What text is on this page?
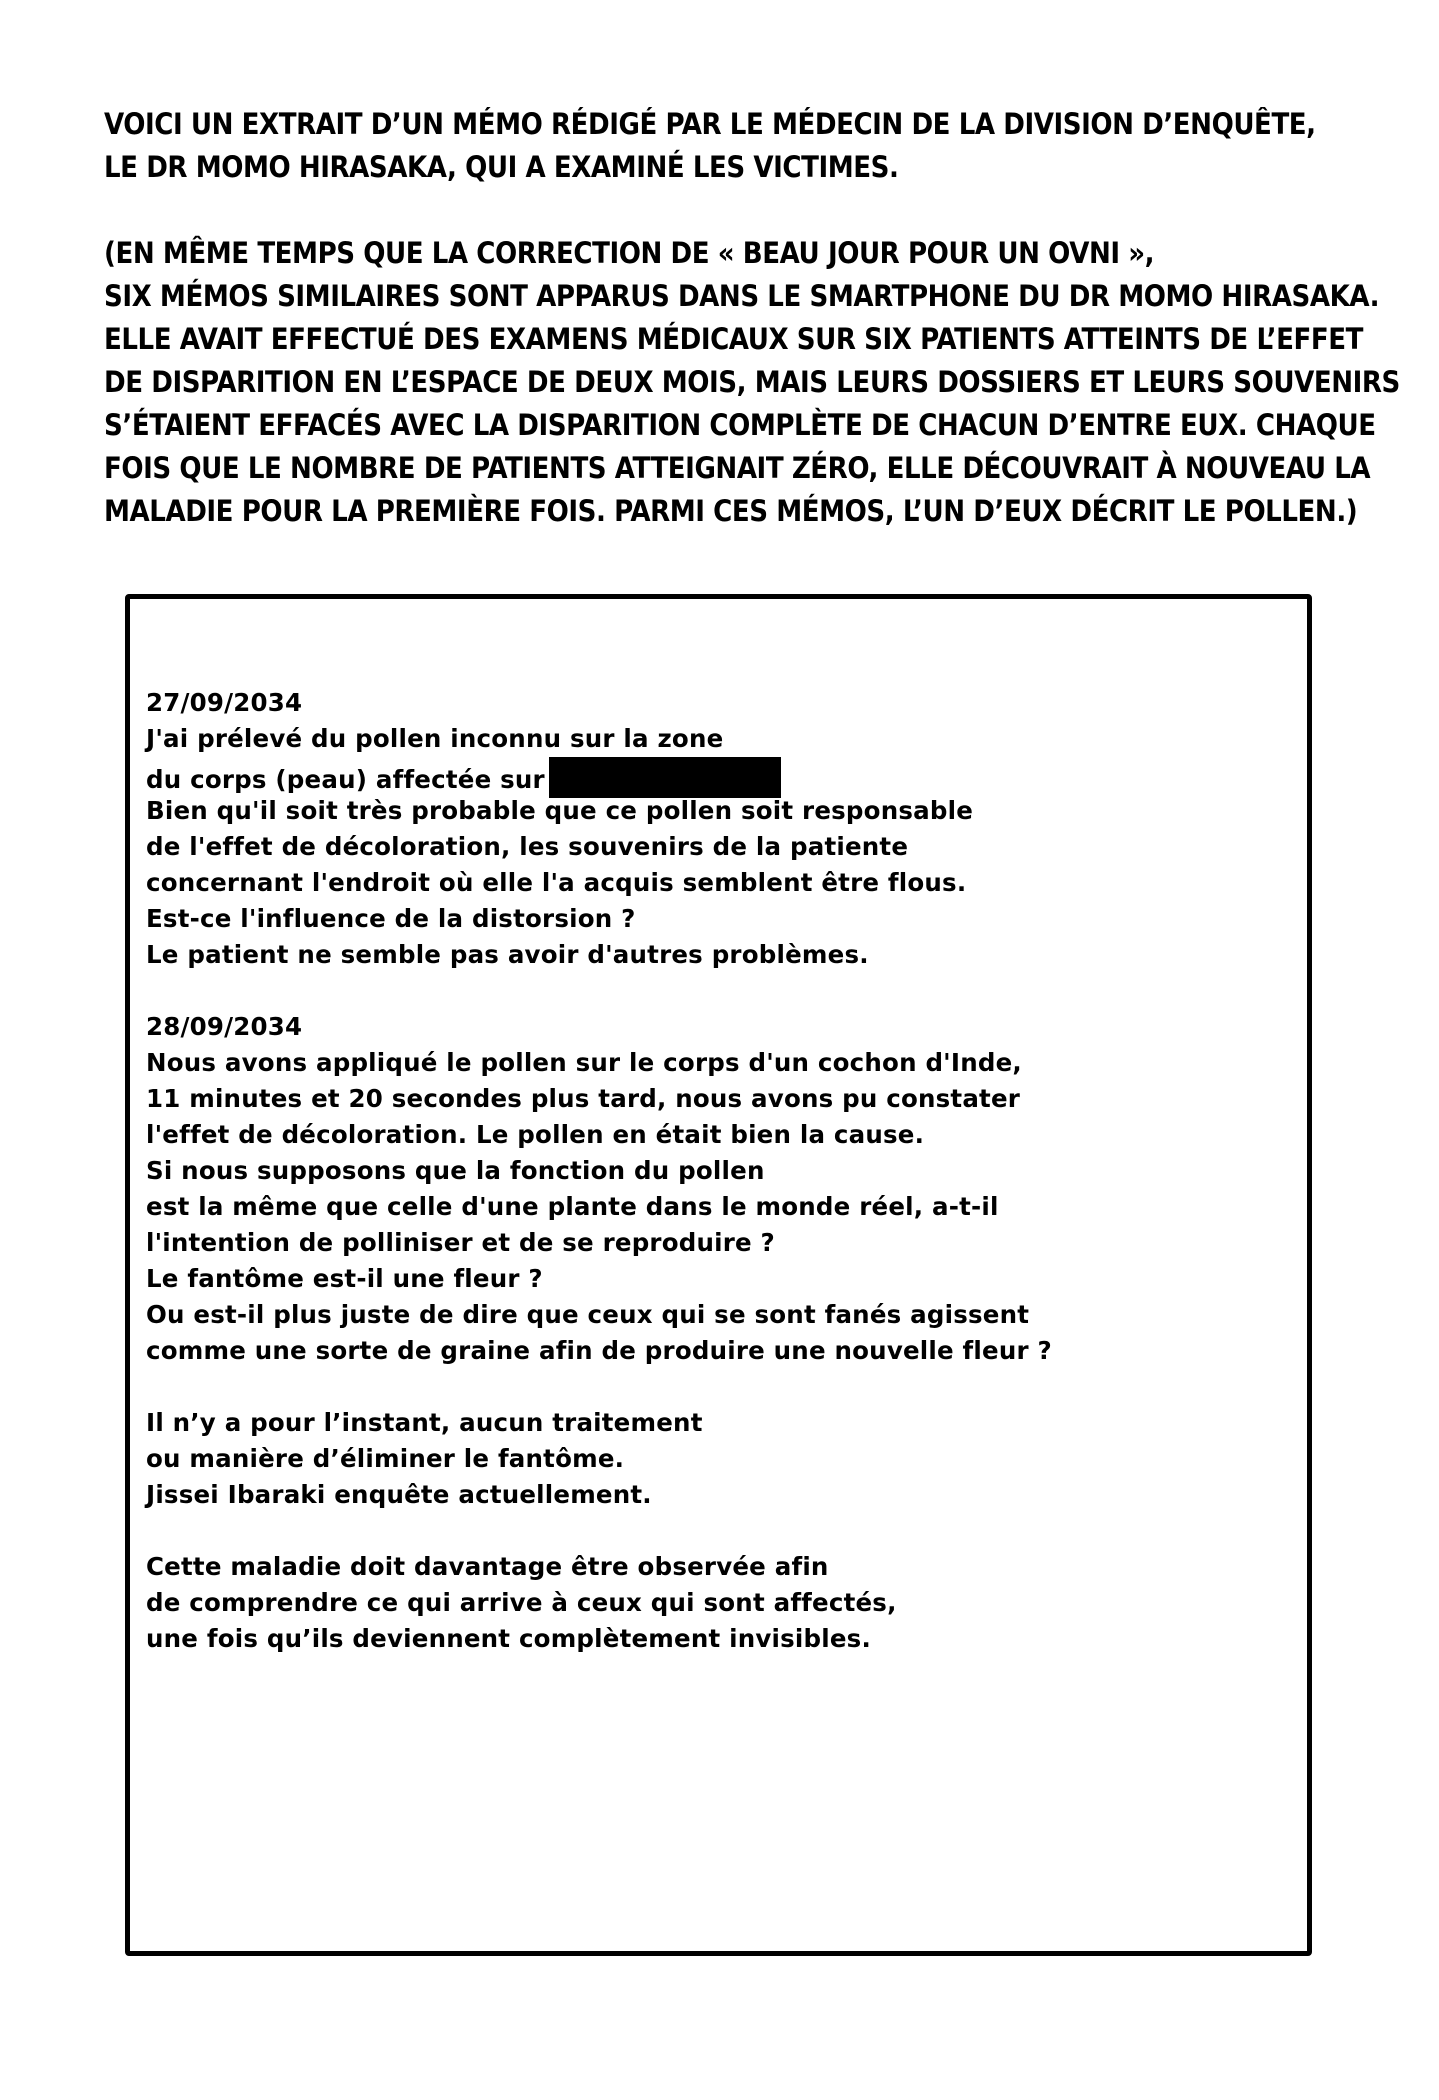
VOICI UN EXTRAIT D’UN MÉMO RÉDIGÉ PAR LE MÉDECIN DE LA DIVISION D’ENQUÊTE,
LE DR MOMO HIRASAKA, QUI A EXAMINÉ LES VICTIMES.
(EN MÊME TEMPS QUE LA CORRECTION DE « BEAU JOUR POUR UN OVNI »,
SIX MÉMOS SIMILAIRES SONT APPARUS DANS LE SMARTPHONE DU DR MOMO HIRASAKA.
ELLE AVAIT EFFECTUÉ DES EXAMENS MÉDICAUX SUR SIX PATIENTS ATTEINTS DE L’EFFET
DE DISPARITION EN L’ESPACE DE DEUX MOIS, MAIS LEURS DOSSIERS ET LEURS SOUVENIRS
S’ÉTAIENT EFFACÉS AVEC LA DISPARITION COMPLÈTE DE CHACUN D’ENTRE EUX. CHAQUE
FOIS QUE LE NOMBRE DE PATIENTS ATTEIGNAIT ZÉRO, ELLE DÉCOUVRAIT À NOUVEAU LA
MALADIE POUR LA PREMIÈRE FOIS. PARMI CES MÉMOS, L’UN D’EUX DÉCRIT LE POLLEN.)
27/09/2034
J'ai prélevé du pollen inconnu sur la zone
du corps (peau) affectée sur
Bien qu'il soit très probable que ce pollen soit responsable
de l'effet de décoloration, les souvenirs de la patiente
concernant l'endroit où elle l'a acquis semblent être flous.
Est-ce l'influence de la distorsion ?
Le patient ne semble pas avoir d'autres problèmes.
28/09/2034
Nous avons appliqué le pollen sur le corps d'un cochon d'Inde,
11 minutes et 20 secondes plus tard, nous avons pu constater
l'effet de décoloration. Le pollen en était bien la cause.
Si nous supposons que la fonction du pollen
est la même que celle d'une plante dans le monde réel, a-t-il
l'intention de polliniser et de se reproduire ?
Le fantôme est-il une fleur ?
Ou est-il plus juste de dire que ceux qui se sont fanés agissent
comme une sorte de graine afin de produire une nouvelle fleur ?
Il n’y a pour l’instant, aucun traitement
ou manière d’éliminer le fantôme.
Jissei Ibaraki enquête actuellement.
Cette maladie doit davantage être observée afin
de comprendre ce qui arrive à ceux qui sont affectés,
une fois qu’ils deviennent complètement invisibles.
